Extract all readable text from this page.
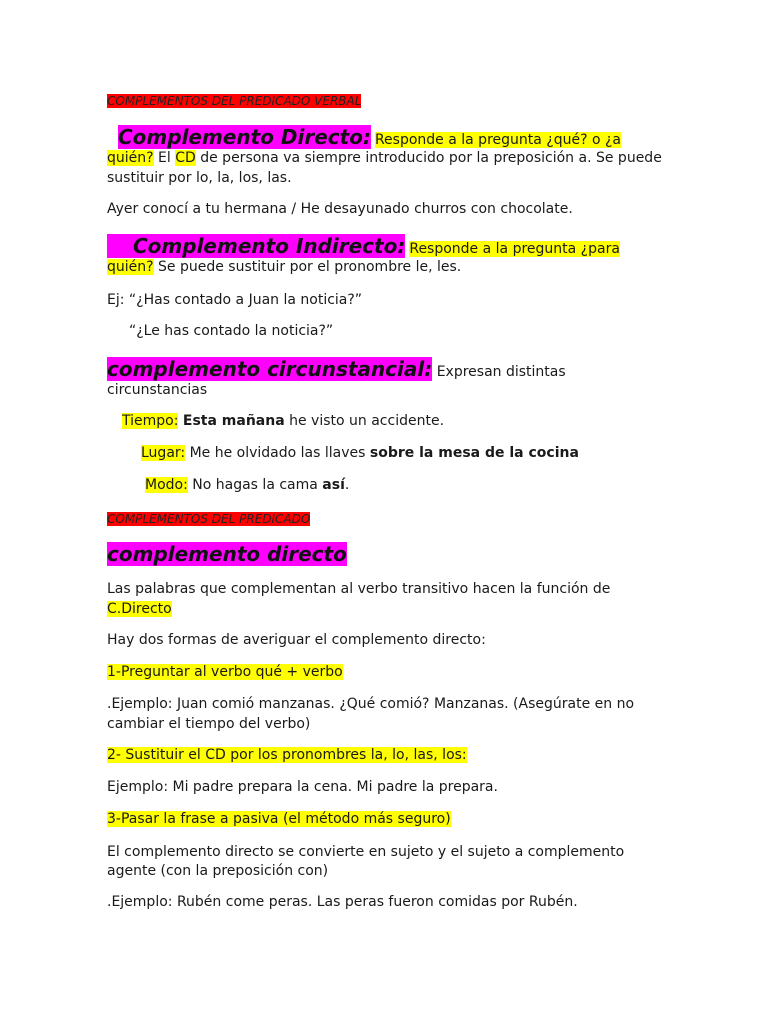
COMPLEMENTOS DEL PREDICADO VERBAL
Complemento Directo: Responde a la pregunta ¿qué? o ¿a
quién? El CD de persona va siempre introducido por la preposición a. Se puede
sustituir por lo, la, los, las.
Ayer conocí a tu hermana / He desayunado churros con chocolate.
Complemento Indirecto: Responde a la pregunta ¿para
quién? Se puede sustituir por el pronombre le, les.
Ej: “¿Has contado a Juan la noticia?”
“¿Le has contado la noticia?”
complemento circunstancial: Expresan distintas
circunstancias
Tiempo: Esta mañana he visto un accidente.
Lugar: Me he olvidado las llaves sobre la mesa de la cocina
Modo: No hagas la cama así.
COMPLEMENTOS DEL PREDICADO
complemento directo
Las palabras que complementan al verbo transitivo hacen la función de
C.Directo
Hay dos formas de averiguar el complemento directo:
1-Preguntar al verbo qué + verbo
.Ejemplo: Juan comió manzanas. ¿Qué comió? Manzanas. (Asegúrate en no
cambiar el tiempo del verbo)
2- Sustituir el CD por los pronombres la, lo, las, los:
Ejemplo: Mi padre prepara la cena. Mi padre la prepara.
3-Pasar la frase a pasiva (el método más seguro)
El complemento directo se convierte en sujeto y el sujeto a complemento
agente (con la preposición con)
.Ejemplo: Rubén come peras. Las peras fueron comidas por Rubén.
